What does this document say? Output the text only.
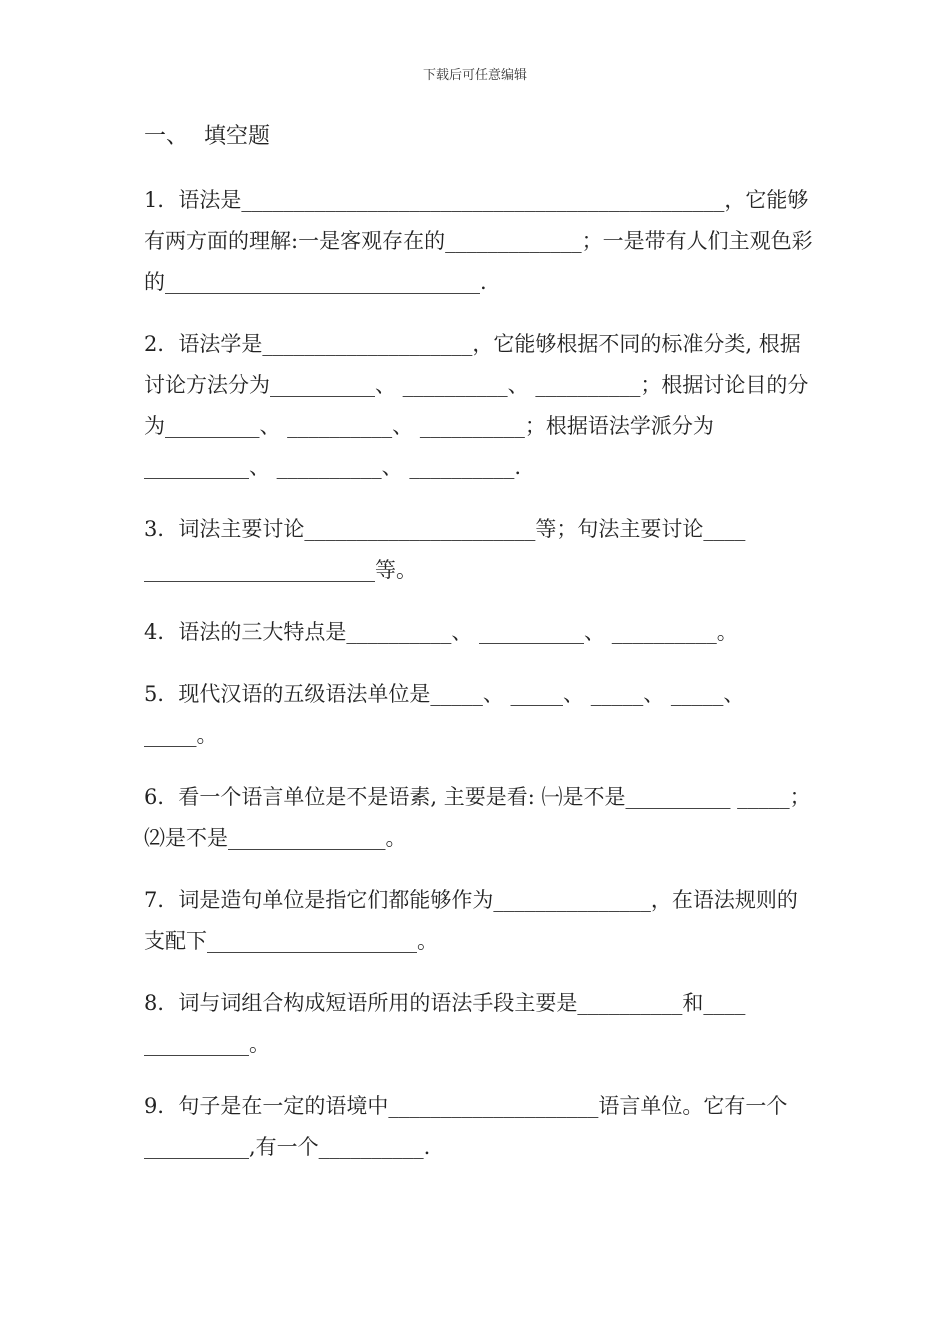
下载后可任意编辑
一、 填空题
1．语法是______________________________________________，它能够有两方面的理解:一是客观存在的_____________；一是带有人们主观色彩的______________________________.
2．语法学是____________________，它能够根据不同的标准分类, 根据讨论方法分为__________、 __________、 __________；根据讨论目的分为_________、 __________、 __________；根据语法学派分为__________、 __________、 __________.
3．词法主要讨论______________________等；句法主要讨论____ ______________________等。
4．语法的三大特点是__________、 __________、 __________。
5．现代汉语的五级语法单位是_____、 _____、 _____、 _____、 _____。
6．看一个语言单位是不是语素, 主要是看: ㈠是不是__________ _____；⑵是不是_______________。
7．词是造句单位是指它们都能够作为_______________，在语法规则的支配下____________________。
8．词与词组合构成短语所用的语法手段主要是__________和____ __________。
9．句子是在一定的语境中____________________语言单位。它有一个__________,有一个__________.
